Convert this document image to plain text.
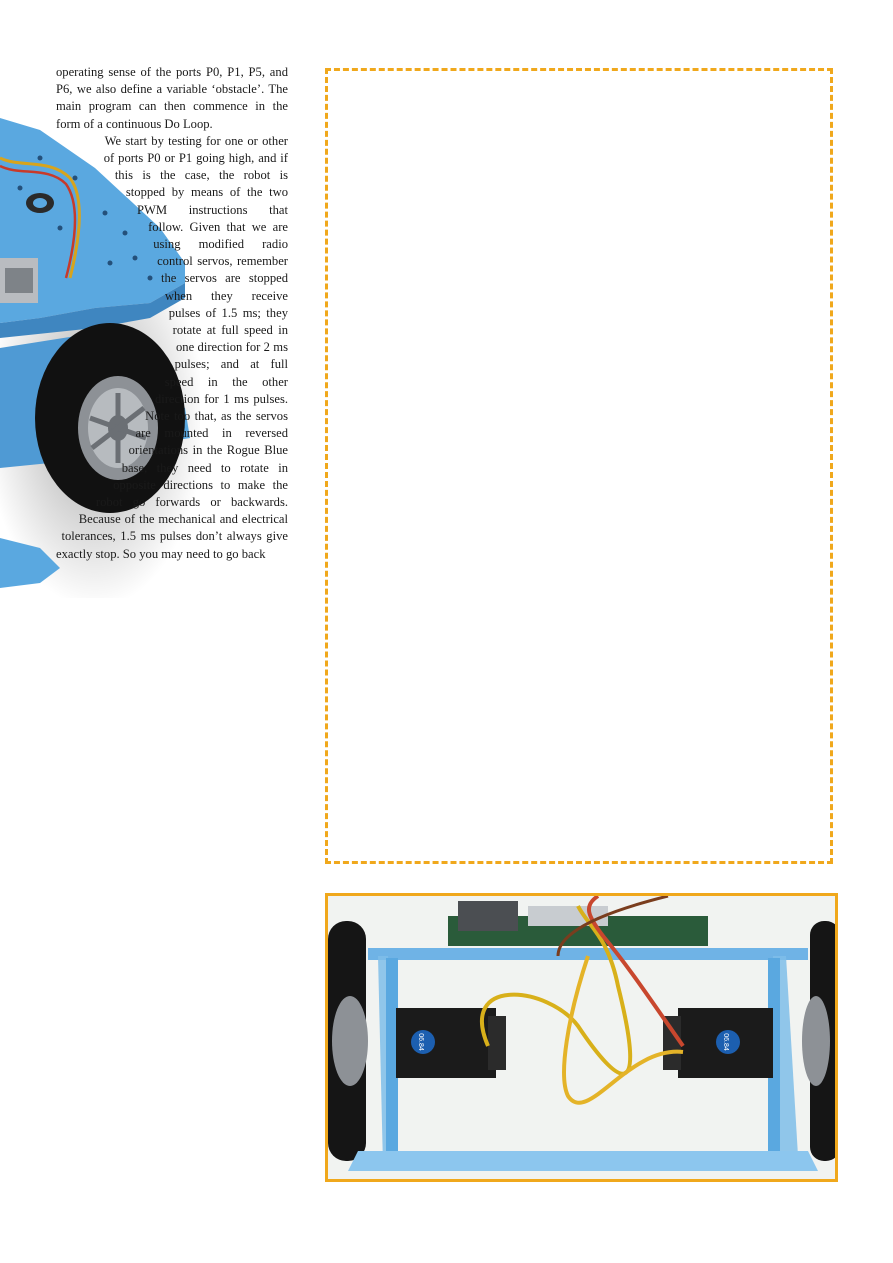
operating sense of the ports P0, P1, P5, and P6, we also define a variable ‘obstacle’. The main program can then commence in the form of a continuous Do Loop.

We start by testing for one or other of ports P0 or P1 going high, and if this is the case, the robot is stopped by means of the two PWM instructions that follow. Given that we are using modified radio control servos, remember the servos are stopped when they receive pulses of 1.5 ms; they rotate at full speed in one direction for 2 ms pulses; and at full speed in the other direction for 1 ms pulses. Note too that, as the servos are mounted in reversed orientations in the Rogue Blue base, they need to rotate in opposite directions to make the robot go forwards or backwards. Because of the mechanical and electrical tolerances, 1.5 ms pulses don’t always give exactly stop. So you may need to go back

06.84	06.84
